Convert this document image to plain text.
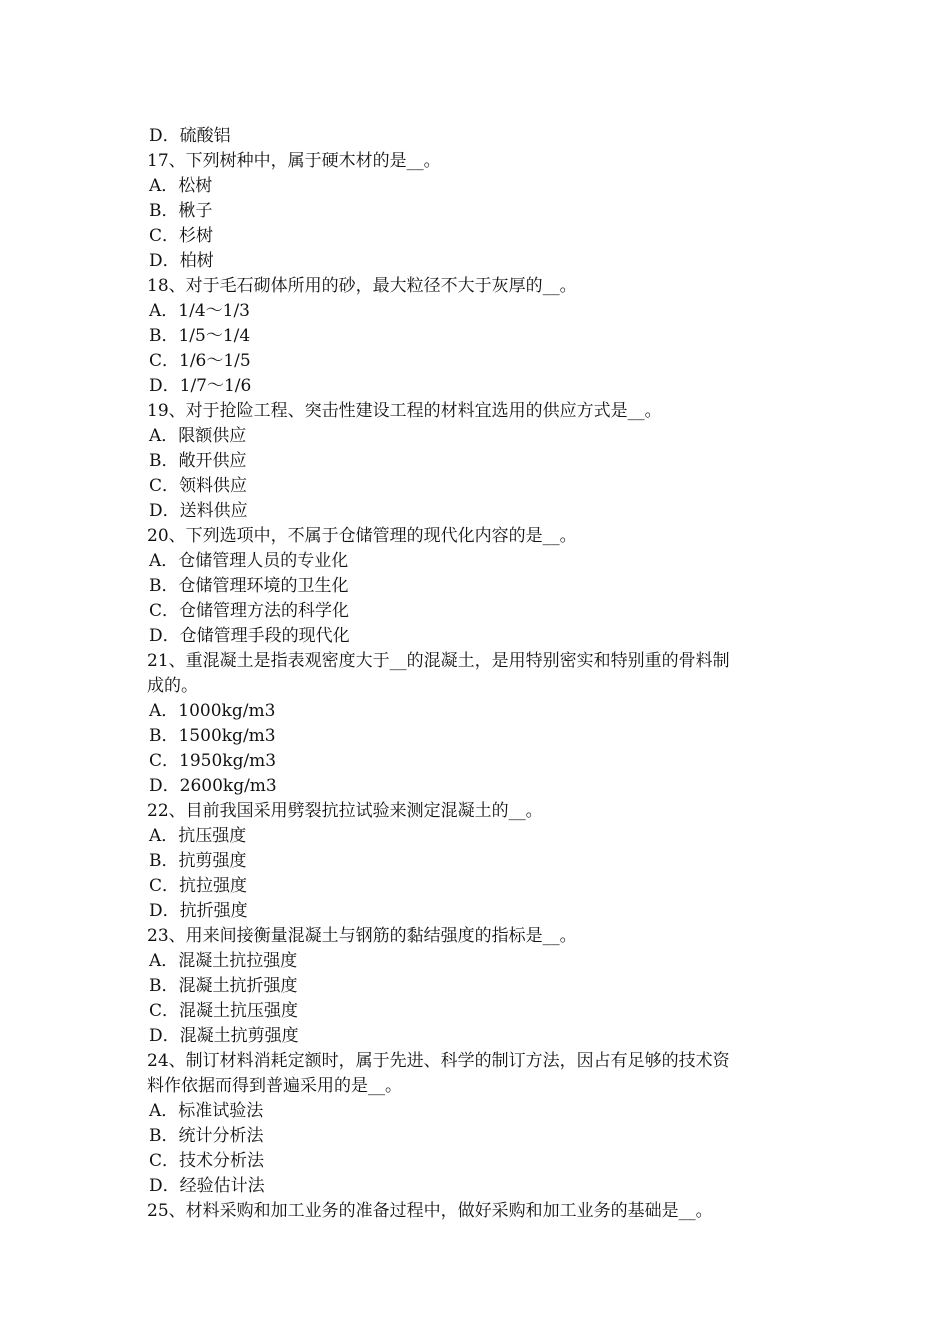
D．硫酸铝
17、下列树种中，属于硬木材的是__。
A．松树
B．楸子
C．杉树
D．柏树
18、对于毛石砌体所用的砂，最大粒径不大于灰厚的__。
A．1/4～1/3
B．1/5～1/4
C．1/6～1/5
D．1/7～1/6
19、对于抢险工程、突击性建设工程的材料宜选用的供应方式是__。
A．限额供应
B．敞开供应
C．领料供应
D．送料供应
20、下列选项中，不属于仓储管理的现代化内容的是__。
A．仓储管理人员的专业化
B．仓储管理环境的卫生化
C．仓储管理方法的科学化
D．仓储管理手段的现代化
21、重混凝土是指表观密度大于__的混凝土，是用特别密实和特别重的骨料制
成的。
A．1000kg/m3
B．1500kg/m3
C．1950kg/m3
D．2600kg/m3
22、目前我国采用劈裂抗拉试验来测定混凝土的__。
A．抗压强度
B．抗剪强度
C．抗拉强度
D．抗折强度
23、用来间接衡量混凝土与钢筋的黏结强度的指标是__。
A．混凝土抗拉强度
B．混凝土抗折强度
C．混凝土抗压强度
D．混凝土抗剪强度
24、制订材料消耗定额时，属于先进、科学的制订方法，因占有足够的技术资
料作依据而得到普遍采用的是__。
A．标准试验法
B．统计分析法
C．技术分析法
D．经验估计法
25、材料采购和加工业务的准备过程中，做好采购和加工业务的基础是__。
